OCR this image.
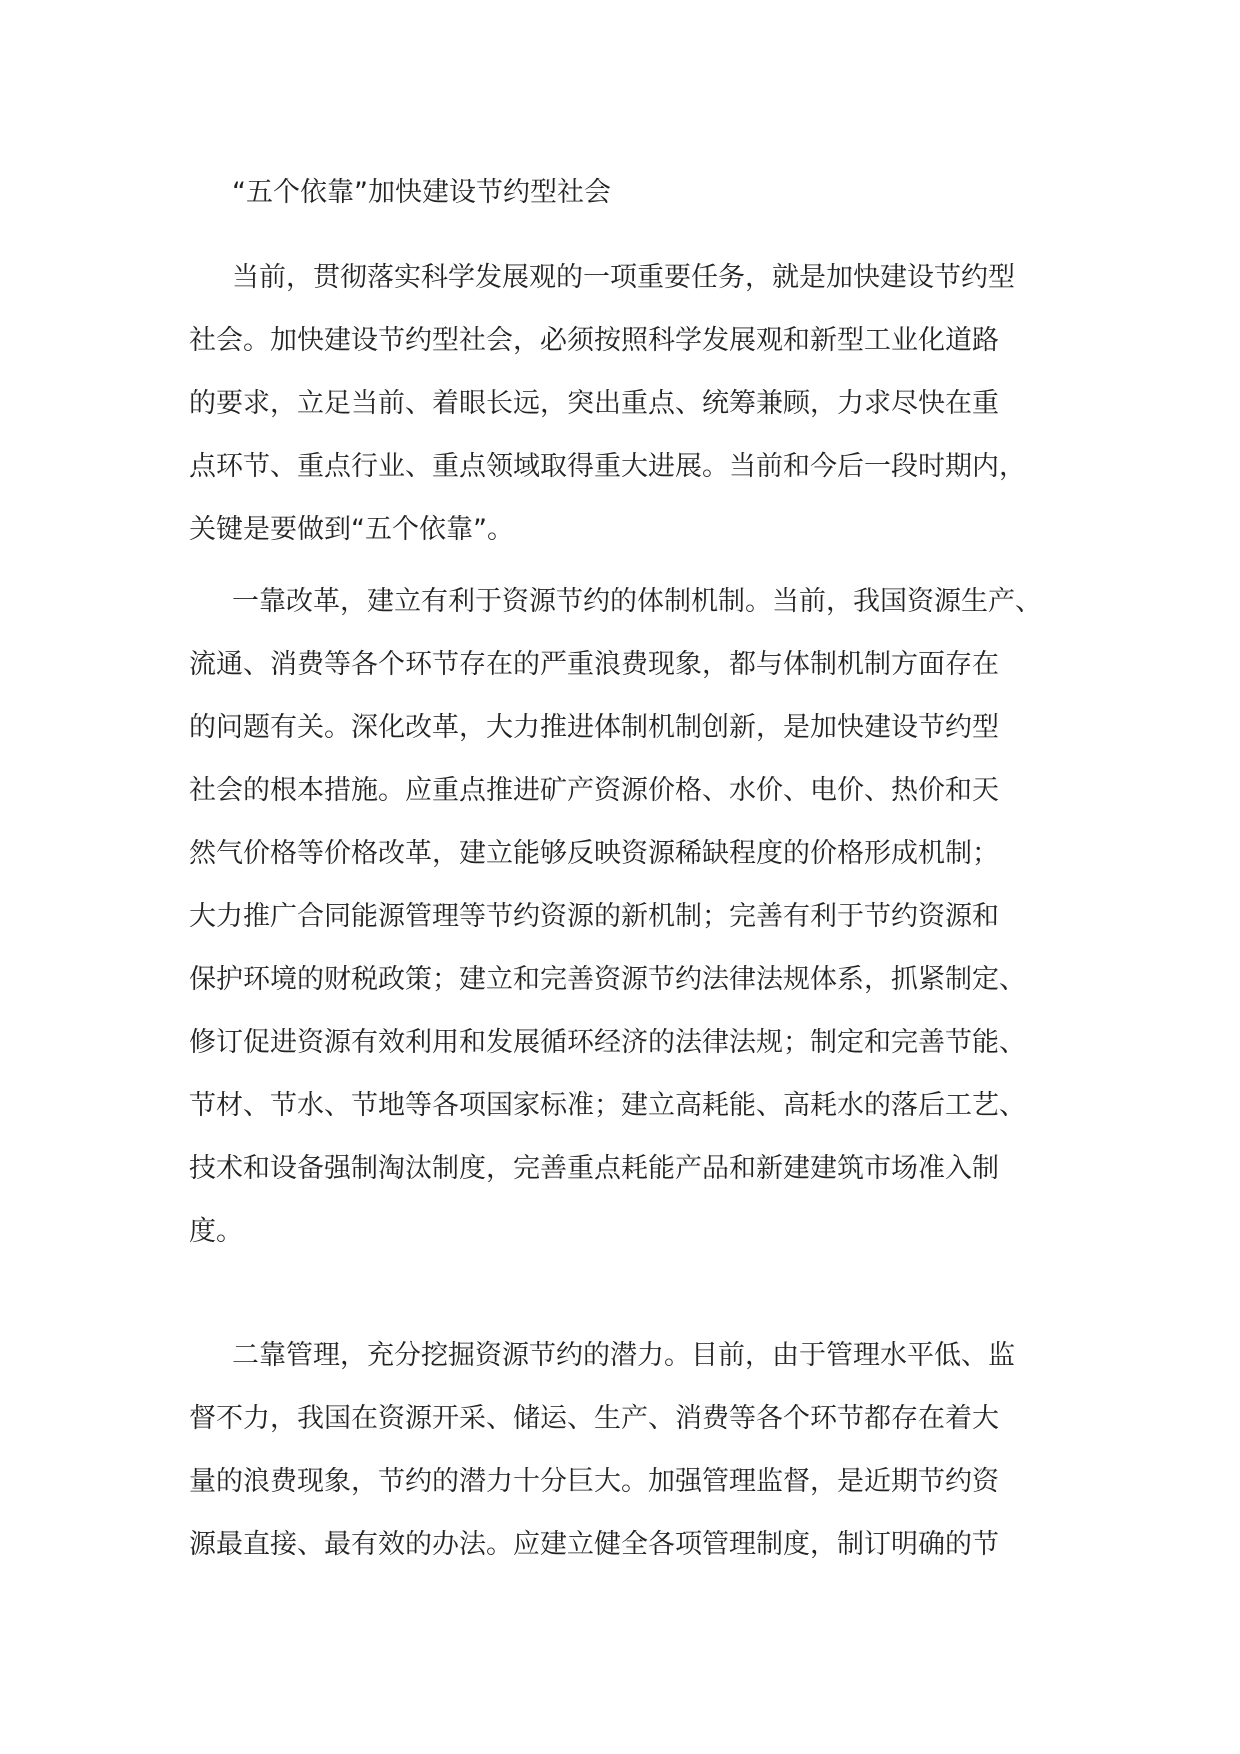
“五个依靠”加快建设节约型社会
当前，贯彻落实科学发展观的一项重要任务，就是加快建设节约型
社会。加快建设节约型社会，必须按照科学发展观和新型工业化道路
的要求，立足当前、着眼长远，突出重点、统筹兼顾，力求尽快在重
点环节、重点行业、重点领域取得重大进展。当前和今后一段时期内，
关键是要做到“五个依靠”。
一靠改革，建立有利于资源节约的体制机制。当前，我国资源生产、
流通、消费等各个环节存在的严重浪费现象，都与体制机制方面存在
的问题有关。深化改革，大力推进体制机制创新，是加快建设节约型
社会的根本措施。应重点推进矿产资源价格、水价、电价、热价和天
然气价格等价格改革，建立能够反映资源稀缺程度的价格形成机制；
大力推广合同能源管理等节约资源的新机制；完善有利于节约资源和
保护环境的财税政策；建立和完善资源节约法律法规体系，抓紧制定、
修订促进资源有效利用和发展循环经济的法律法规；制定和完善节能、
节材、节水、节地等各项国家标准；建立高耗能、高耗水的落后工艺、
技术和设备强制淘汰制度，完善重点耗能产品和新建建筑市场准入制
度。
二靠管理，充分挖掘资源节约的潜力。目前，由于管理水平低、监
督不力，我国在资源开采、储运、生产、消费等各个环节都存在着大
量的浪费现象，节约的潜力十分巨大。加强管理监督，是近期节约资
源最直接、最有效的办法。应建立健全各项管理制度，制订明确的节
